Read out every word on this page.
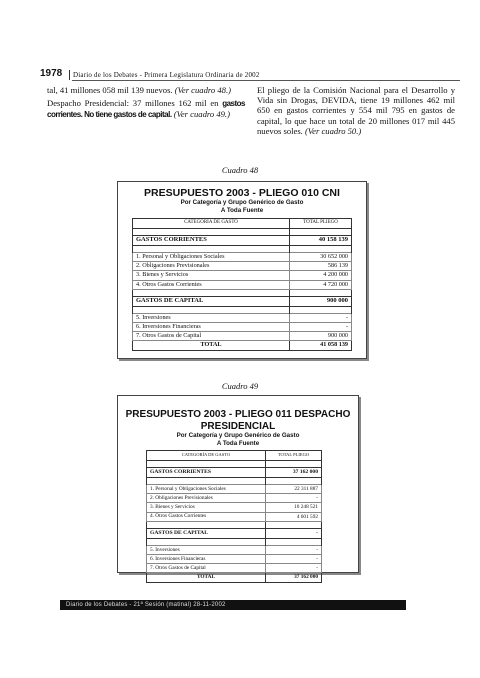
1978 Diario de los Debates - Primera Legislatura Ordinaria de 2002

tal, 41 millones 058 mil 139 nuevos. (Ver cuadro 48.)

Despacho Presidencial: 37 millones 162 mil en gastos corrientes. No tiene gastos de capital. (Ver cuadro 49.)

El pliego de la Comisión Nacional para el Desarrollo y Vida sin Drogas, DEVIDA, tiene 19 millones 462 mil 650 en gastos corrientes y 554 mil 795 en gastos de capital, lo que hace un total de 20 millones 017 mil 445 nuevos soles. (Ver cuadro 50.)

Cuadro 48
PRESUPUESTO 2003 - PLIEGO 010 CNI
Por Categoría y Grupo Genérico de Gasto
A Toda Fuente
CATEGORÍA DE GASTO	TOTAL PLIEGO

GASTOS CORRIENTES	40 158 139

1. Personal y Obligaciones Sociales	30 652 000
2. Obligaciones Previsionales	586 139
3. Bienes y Servicios	4 200 000
4. Otros Gastos Corrientes	4 720 000

GASTOS DE CAPITAL	900 000

5. Inversiones	-
6. Inversiones Financieras	-
7. Otros Gastos de Capital	900 000
TOTAL	41 058 139
Cuadro 49
PRESUPUESTO 2003 - PLIEGO 011 DESPACHO
PRESIDENCIAL
Por Categoría y Grupo Genérico de Gasto
A Toda Fuente
CATEGORÍA DE GASTO	TOTAL PLIEGO

GASTOS CORRIENTES	37 162 000

1. Personal y Obligaciones Sociales	22 311 887
2. Obligaciones Previsionales	-
3. Bienes y Servicios	10 248 521
4. Otros Gastos Corrientes	4 601 592

GASTOS DE CAPITAL	-

5. Inversiones	-
6. Inversiones Financieras	-
7. Otros Gastos de Capital	-
TOTAL	37 162 000
Diario de los Debates - 21ª Sesión (matinal) 28-11-2002
